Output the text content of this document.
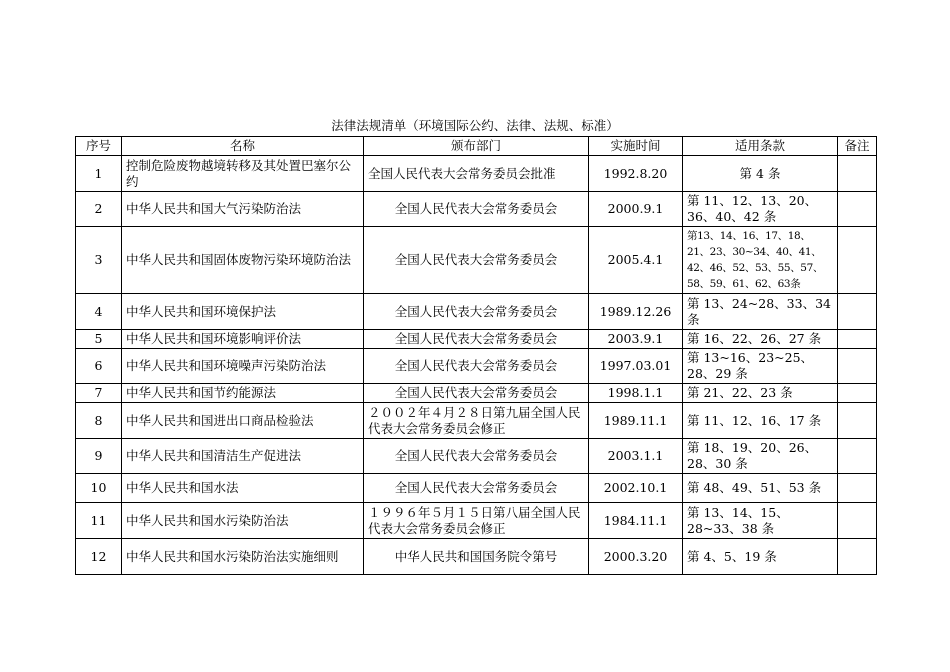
法律法规清单（环境国际公约、法律、法规、标准）
序号	名称	颁布部门	实施时间	适用条款	备注
1	控制危险废物越境转移及其处置巴塞尔公约	全国人民代表大会常务委员会批准	1992.8.20	第 4 条	
2	中华人民共和国大气污染防治法	全国人民代表大会常务委员会	2000.9.1	第 11、12、13、20、36、40、42 条	
3	中华人民共和国固体废物污染环境防治法	全国人民代表大会常务委员会	2005.4.1	第13、14、16、17、18、21、23、30~34、40、41、42、46、52、53、55、57、58、59、61、62、63条	
4	中华人民共和国环境保护法	全国人民代表大会常务委员会	1989.12.26	第 13、24~28、33、34 条	
5	中华人民共和国环境影响评价法	全国人民代表大会常务委员会	2003.9.1	第 16、22、26、27 条	
6	中华人民共和国环境噪声污染防治法	全国人民代表大会常务委员会	1997.03.01	第 13~16、23~25、28、29 条	
7	中华人民共和国节约能源法	全国人民代表大会常务委员会	1998.1.1	第 21、22、23 条	
8	中华人民共和国进出口商品检验法	２００２年４月２８日第九届全国人民代表大会常务委员会修正	1989.11.1	第 11、12、16、17 条	
9	中华人民共和国清洁生产促进法	全国人民代表大会常务委员会	2003.1.1	第 18、19、20、26、28、30 条	
10	中华人民共和国水法	全国人民代表大会常务委员会	2002.10.1	第 48、49、51、53 条	
11	中华人民共和国水污染防治法	１９９６年５月１５日第八届全国人民代表大会常务委员会修正	1984.11.1	第 13、14、15、28~33、38 条	
12	中华人民共和国水污染防治法实施细则	中华人民共和国国务院令第号	2000.3.20	第 4、5、19 条	
